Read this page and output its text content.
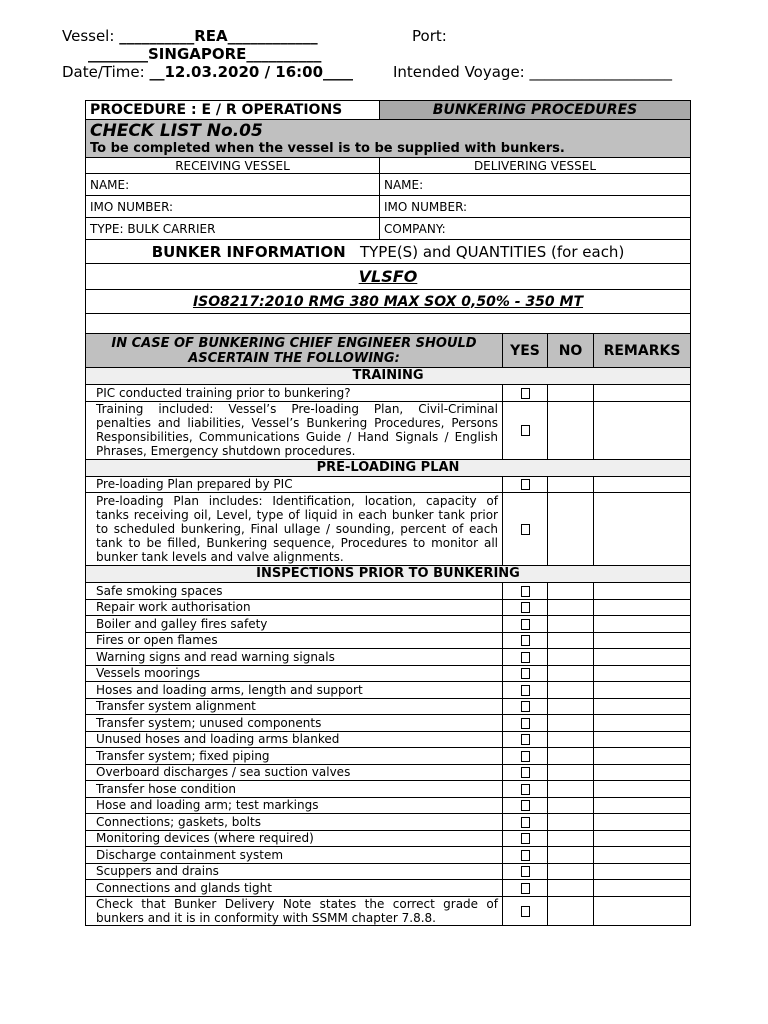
Vessel: __________REA____________	Port:
________SINGAPORE__________
Date/Time: __12.03.2020 / 16:00____	Intended Voyage: ___________________
PROCEDURE : E / R OPERATIONS	BUNKERING PROCEDURES

CHECK LIST No.05
To be completed when the vessel is to be supplied with bunkers.	

RECEIVING VESSEL	DELIVERING VESSEL
NAME:	NAME:
IMO NUMBER:	IMO NUMBER:
TYPE: BULK CARRIER	COMPANY:
BUNKER INFORMATION TYPE(S) and QUANTITIES (for each)	
VLSFO	
ISO8217:2010 RMG 380 MAX SOX 0,50% - 350 MT	

IN CASE OF BUNKERING CHIEF ENGINEER SHOULD ASCERTAIN THE FOLLOWING:	YES	NO	REMARKS
TRAINING			
PIC conducted training prior to bunkering?			
Training included: Vessel’s Pre-loading Plan, Civil-Criminal penalties and liabilities, Vessel’s Bunkering Procedures, Persons Responsibilities, Communications Guide / Hand Signals / English Phrases, Emergency shutdown procedures.			
PRE-LOADING PLAN			
Pre-loading Plan prepared by PIC			
Pre-loading Plan includes: Identification, location, capacity of tanks receiving oil, Level, type of liquid in each bunker tank prior to scheduled bunkering, Final ullage / sounding, percent of each tank to be filled, Bunkering sequence, Procedures to monitor all bunker tank levels and valve alignments.			
INSPECTIONS PRIOR TO BUNKERING			
Safe smoking spaces			
Repair work authorisation			
Boiler and galley fires safety			
Fires or open flames			
Warning signs and read warning signals			
Vessels moorings			
Hoses and loading arms, length and support			
Transfer system alignment			
Transfer system; unused components			
Unused hoses and loading arms blanked			
Transfer system; fixed piping			
Overboard discharges / sea suction valves			
Transfer hose condition			
Hose and loading arm; test markings			
Connections; gaskets, bolts			
Monitoring devices (where required)			
Discharge containment system			
Scuppers and drains			
Connections and glands tight			
Check that Bunker Delivery Note states the correct grade of bunkers and it is in conformity with SSMM chapter 7.8.8.			
